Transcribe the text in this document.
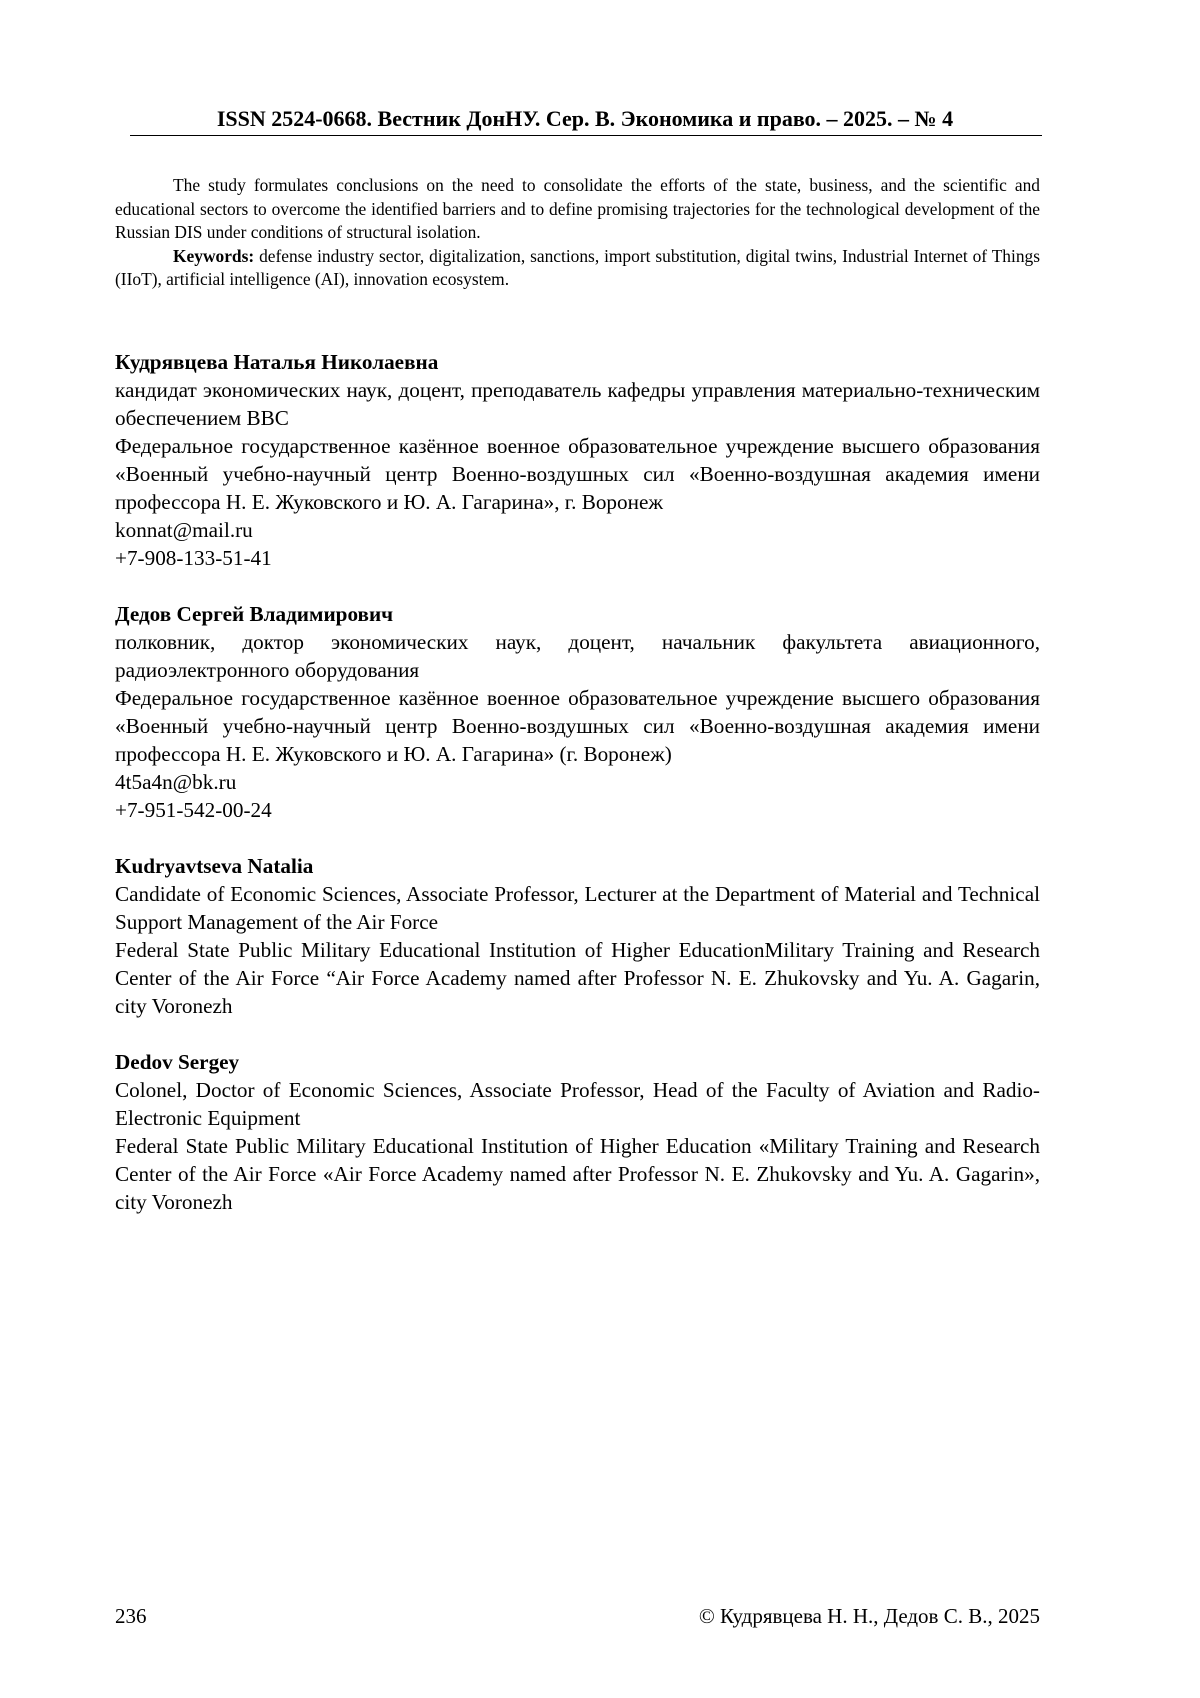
ISSN 2524-0668. Вестник ДонНУ. Сер. В. Экономика и право. – 2025. – № 4

The study formulates conclusions on the need to consolidate the efforts of the state, business, and the scientific and educational sectors to overcome the identified barriers and to define promising trajectories for the technological development of the Russian DIS under conditions of structural isolation.

Keywords: defense industry sector, digitalization, sanctions, import substitution, digital twins, Industrial Internet of Things (IIoT), artificial intelligence (AI), innovation ecosystem.

Кудрявцева Наталья Николаевна
кандидат экономических наук, доцент, преподаватель кафедры управления материально-техническим обеспечением ВВС
Федеральное государственное казённое военное образовательное учреждение высшего образования «Военный учебно-научный центр Военно-воздушных сил «Военно-воздушная академия имени профессора Н. Е. Жуковского и Ю. А. Гагарина», г. Воронеж
konnat@mail.ru
+7-908-133-51-41
Дедов Сергей Владимирович
полковник, доктор экономических наук, доцент, начальник факультета авиационного, радиоэлектронного оборудования
Федеральное государственное казённое военное образовательное учреждение высшего образования «Военный учебно-научный центр Военно-воздушных сил «Военно-воздушная академия имени профессора Н. Е. Жуковского и Ю. А. Гагарина» (г. Воронеж)
4t5a4n@bk.ru
+7-951-542-00-24
Kudryavtseva Natalia
Candidate of Economic Sciences, Associate Professor, Lecturer at the Department of Material and Technical Support Management of the Air Force
Federal State Public Military Educational Institution of Higher EducationMilitary Training and Research Center of the Air Force “Air Force Academy named after Professor N. E. Zhukovsky and Yu. A. Gagarin, city Voronezh
Dedov Sergey
Colonel, Doctor of Economic Sciences, Associate Professor, Head of the Faculty of Aviation and Radio-Electronic Equipment
Federal State Public Military Educational Institution of Higher Education «Military Training and Research Center of the Air Force «Air Force Academy named after Professor N. E. Zhukovsky and Yu. A. Gagarin», city Voronezh
236	© Кудрявцева Н. Н., Дедов С. В., 2025
